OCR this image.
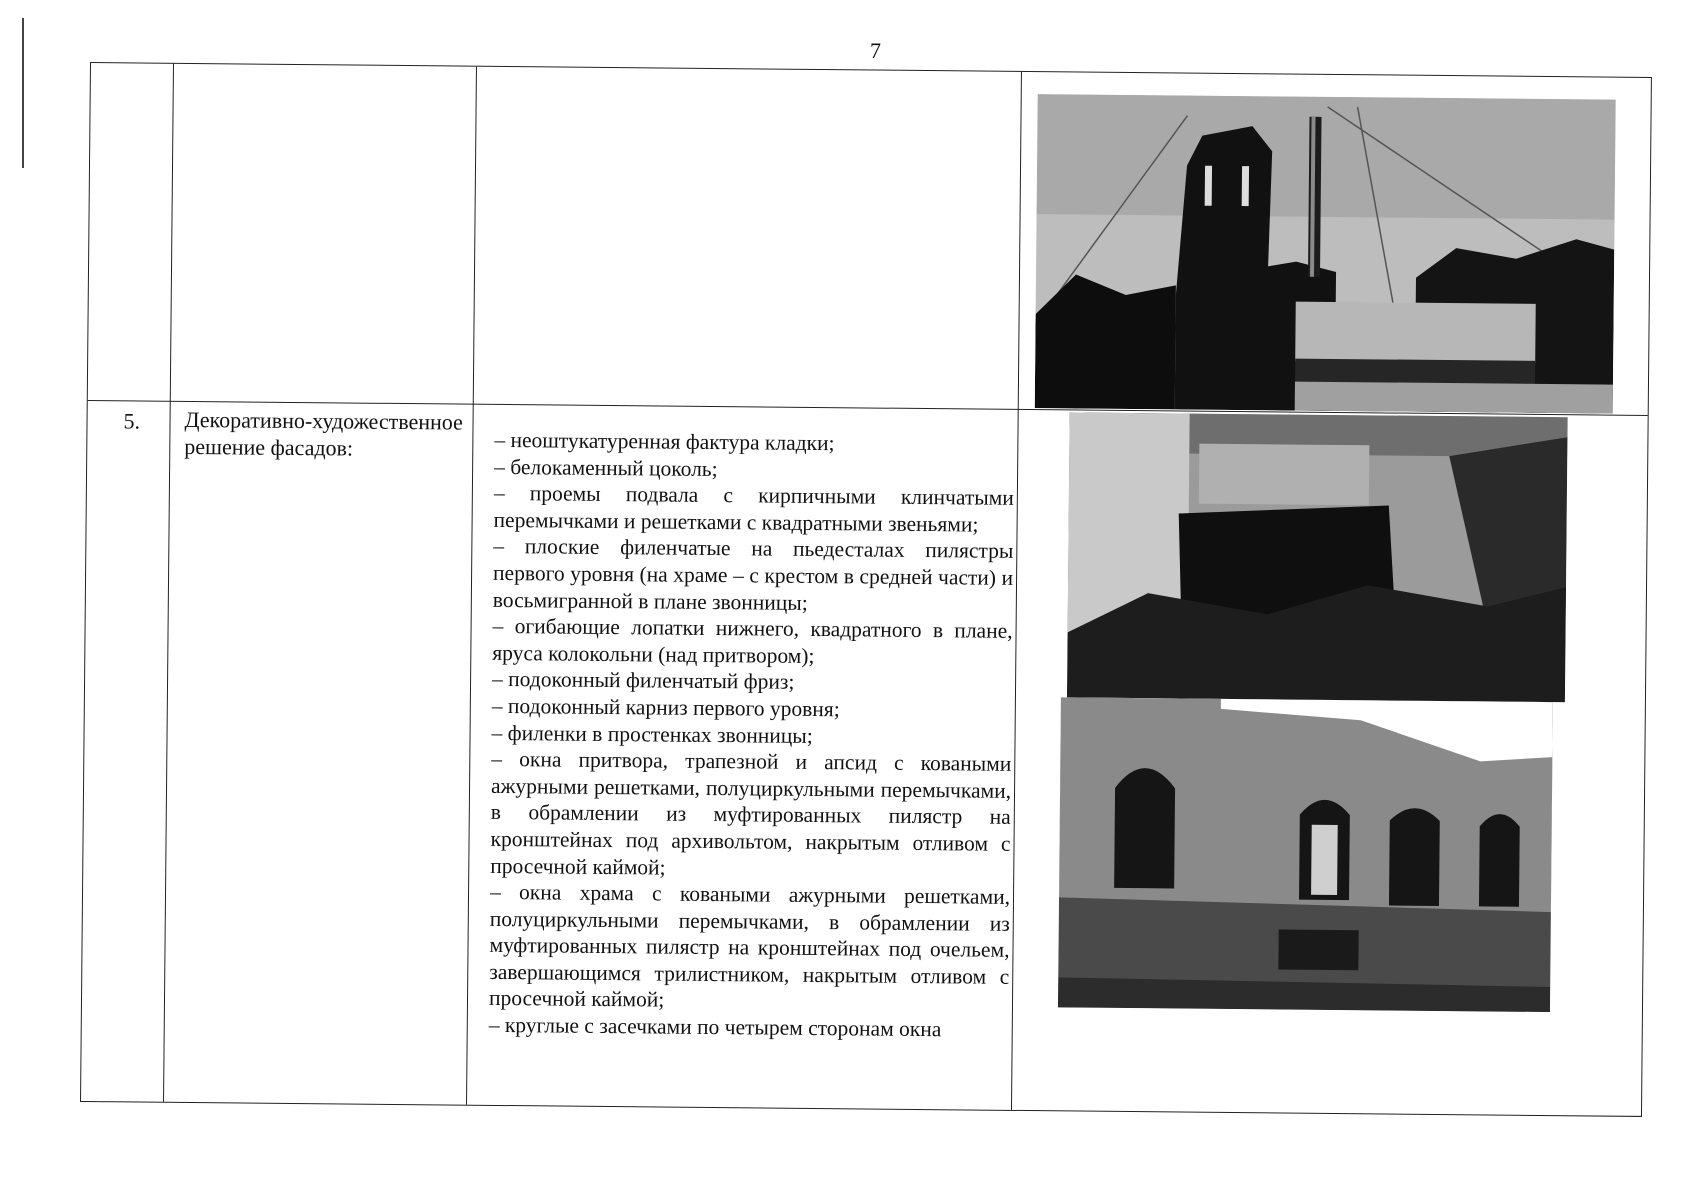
7
5. Декоративно-художественное решение фасадов:	– неоштукатуренная фактура кладки;

– белокаменный цоколь;

– проемы подвала с кирпичными клинчатыми перемычками и решетками с квадратными звеньями;

– плоские филенчатые на пьедесталах пилястры первого уровня (на храме – с крестом в средней части) и восьмигранной в плане звонницы;

– огибающие лопатки нижнего, квадратного в плане, яруса колокольни (над притвором);

– подоконный филенчатый фриз;

– подоконный карниз первого уровня;

– филенки в простенках звонницы;

– окна притвора, трапезной и апсид с коваными ажурными решетками, полуциркульными перемычками, в обрамлении из муфтированных пилястр на кронштейнах под архивольтом, накрытым отливом с просечной каймой;

– окна храма с коваными ажурными решетками, полуциркульными перемычками, в обрамлении из муфтированных пилястр на кронштейнах под очельем, завершающимся трилистником, накрытым отливом с просечной каймой;

– круглые с засечками по четырем сторонам окна
